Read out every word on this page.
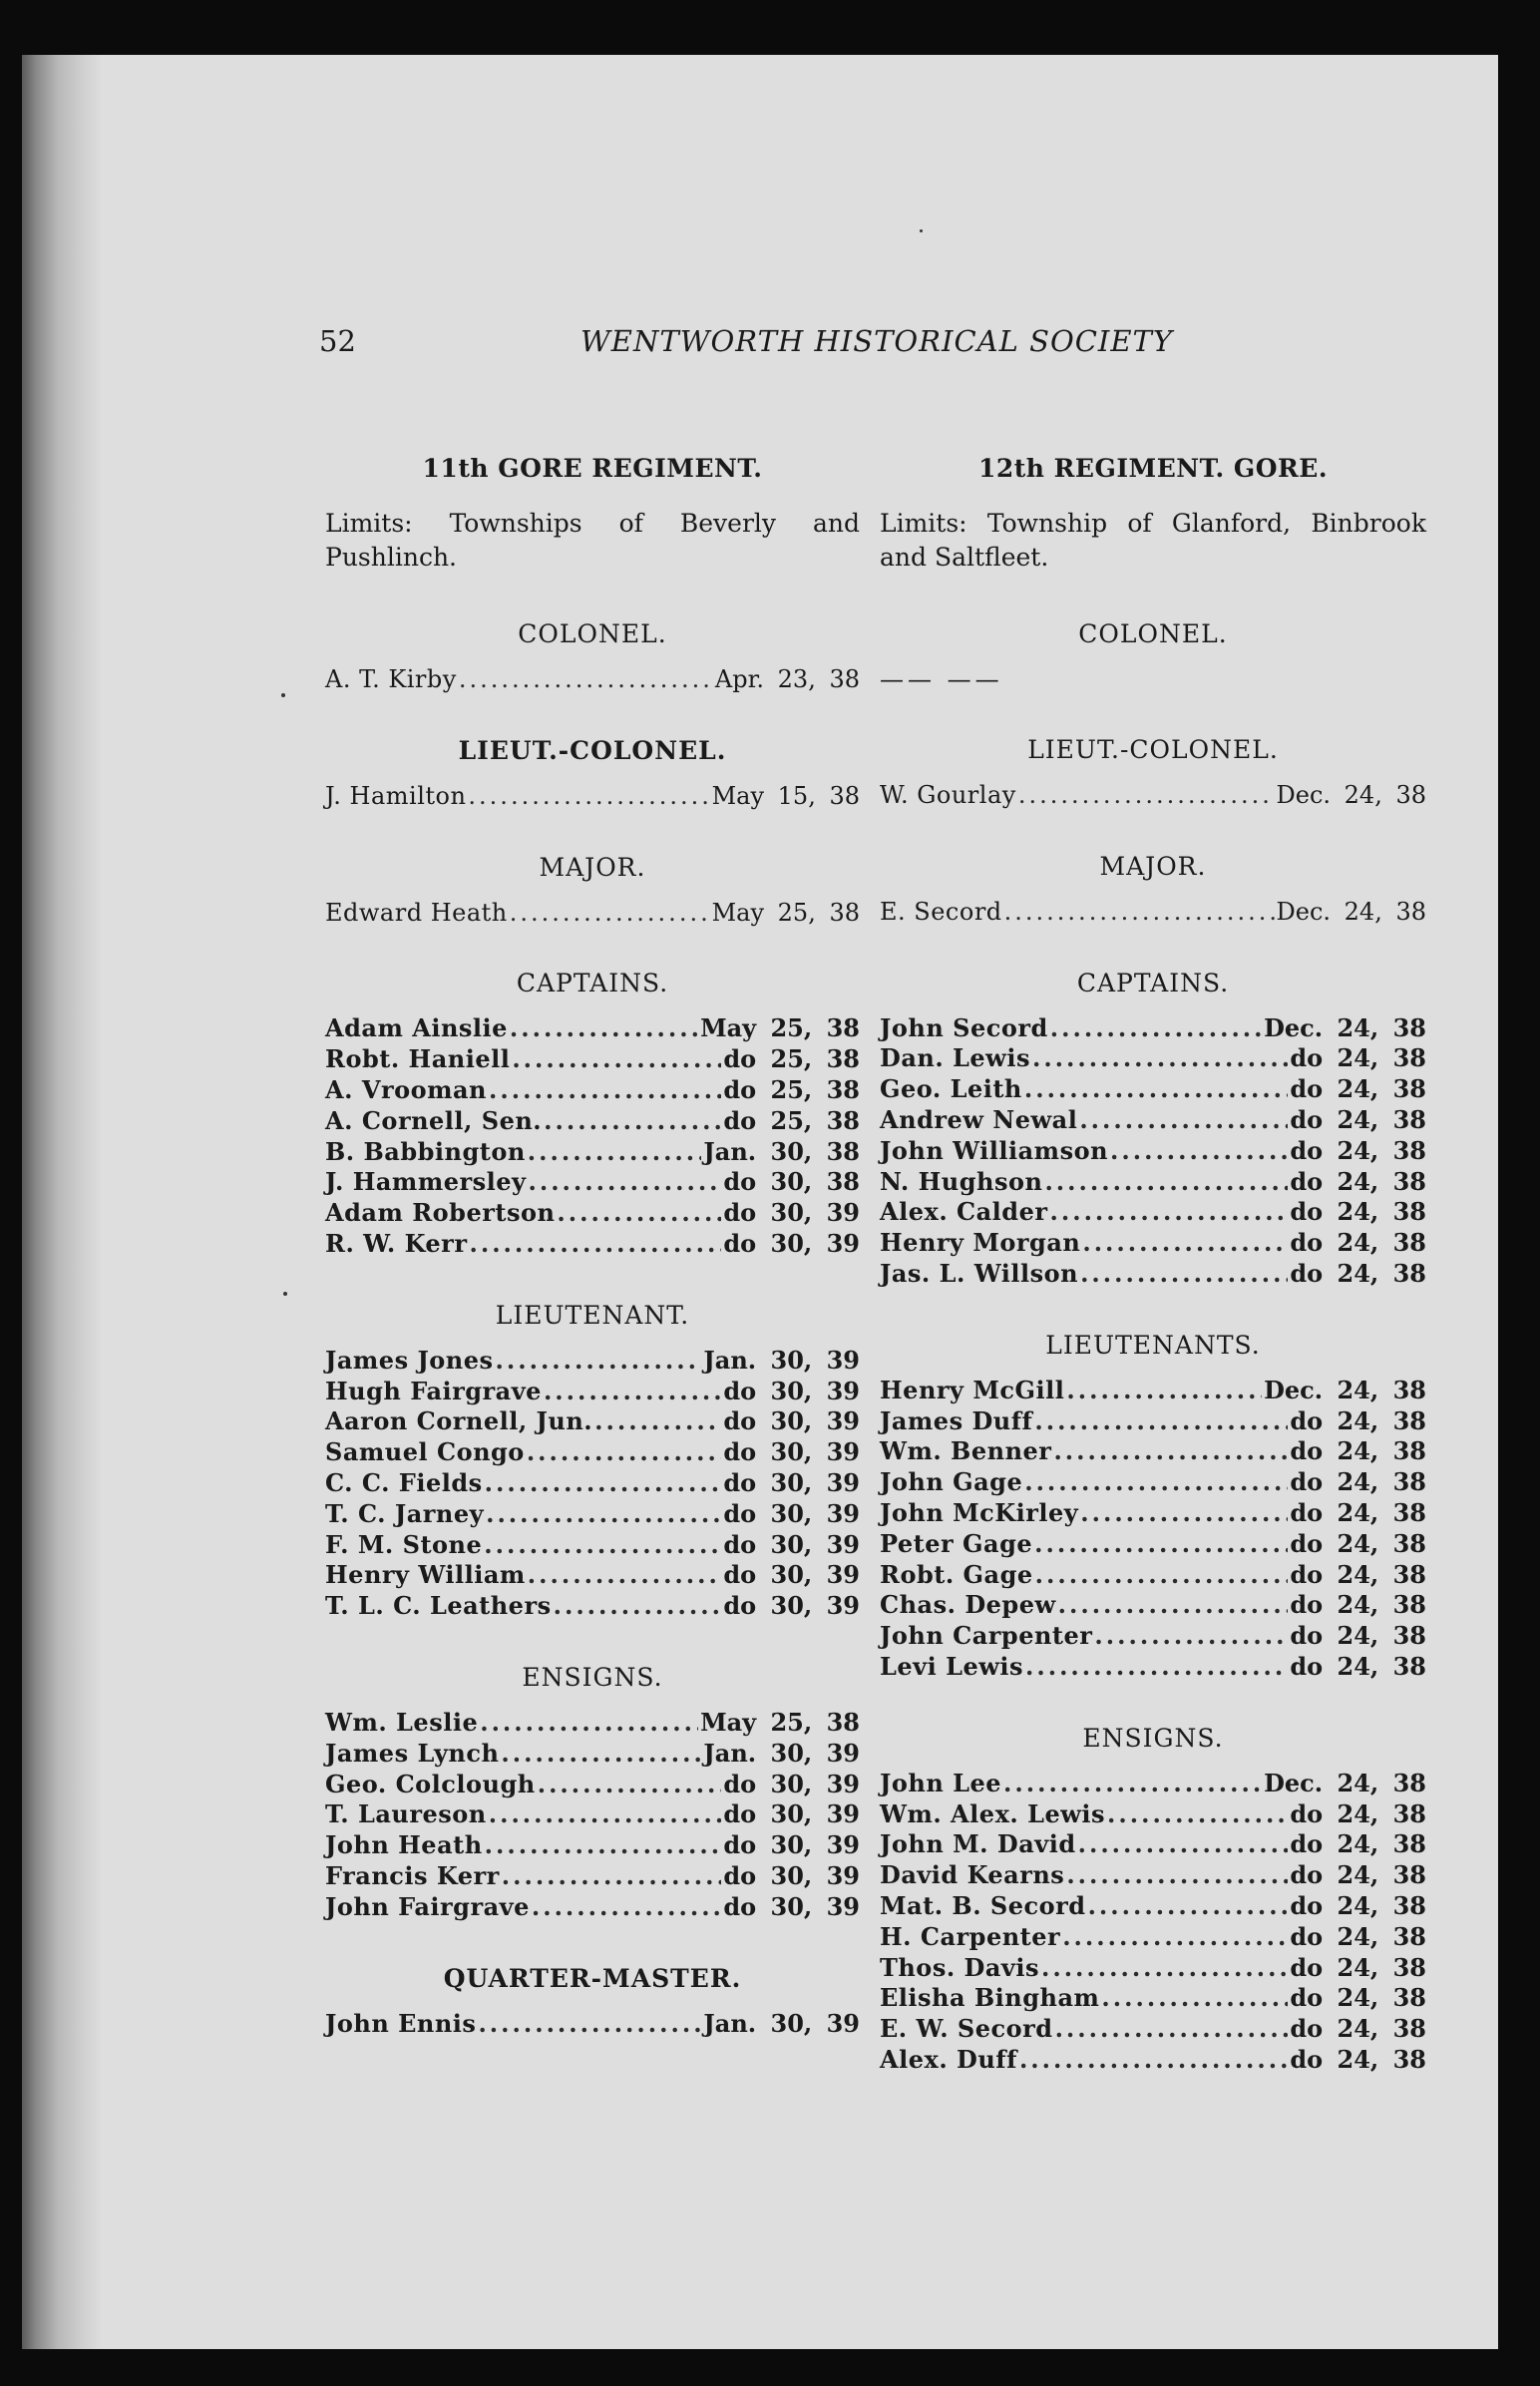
52	WENTWORTH HISTORICAL SOCIETY
11th GORE REGIMENT.
Limits: Townships of Beverly and Pushlinch.
COLONEL.
A. T. Kirby .....	Apr. 23, 38
LIEUT.-COLONEL.
J. Hamilton .....	May 15, 38
MAJOR.
Edward Heath .....	May 25, 38
CAPTAINS.
Adam Ainslie .....	May 25, 38
Robt. Haniell .....	do 25, 38
A. Vrooman .....	do 25, 38
A. Cornell, Sen. .....	do 25, 38
B. Babbington .....	Jan. 30, 38
J. Hammersley .....	do 30, 38
Adam Robertson .....	do 30, 39
R. W. Kerr .....	do 30, 39
LIEUTENANT.
James Jones .....	Jan. 30, 39
Hugh Fairgrave .....	do 30, 39
Aaron Cornell, Jun. .....	do 30, 39
Samuel Congo .....	do 30, 39
C. C. Fields .....	do 30, 39
T. C. Jarney .....	do 30, 39
F. M. Stone .....	do 30, 39
Henry William .....	do 30, 39
T. L. C. Leathers .....	do 30, 39
ENSIGNS.
Wm. Leslie .....	May 25, 38
James Lynch .....	Jan. 30, 39
Geo. Colclough .....	do 30, 39
T. Laureson .....	do 30, 39
John Heath .....	do 30, 39
Francis Kerr .....	do 30, 39
John Fairgrave .....	do 30, 39
QUARTER-MASTER.
John Ennis .....	Jan. 30, 39
12th REGIMENT. GORE.
Limits: Township of Glanford, Binbrook and Saltfleet.
COLONEL.
—— ——
LIEUT.-COLONEL.
W. Gourlay .....	Dec. 24, 38
MAJOR.
E. Secord .....	Dec. 24, 38
CAPTAINS.
John Secord .....	Dec. 24, 38
Dan. Lewis .....	do 24, 38
Geo. Leith .....	do 24, 38
Andrew Newal .....	do 24, 38
John Williamson .....	do 24, 38
N. Hughson .....	do 24, 38
Alex. Calder .....	do 24, 38
Henry Morgan .....	do 24, 38
Jas. L. Willson .....	do 24, 38
LIEUTENANTS.
Henry McGill .....	Dec. 24, 38
James Duff .....	do 24, 38
Wm. Benner .....	do 24, 38
John Gage .....	do 24, 38
John McKirley .....	do 24, 38
Peter Gage .....	do 24, 38
Robt. Gage .....	do 24, 38
Chas. Depew .....	do 24, 38
John Carpenter .....	do 24, 38
Levi Lewis .....	do 24, 38
ENSIGNS.
John Lee .....	Dec. 24, 38
Wm. Alex. Lewis .....	do 24, 38
John M. David .....	do 24, 38
David Kearns .....	do 24, 38
Mat. B. Secord .....	do 24, 38
H. Carpenter .....	do 24, 38
Thos. Davis .....	do 24, 38
Elisha Bingham .....	do 24, 38
E. W. Secord .....	do 24, 38
Alex. Duff .....	do 24, 38
